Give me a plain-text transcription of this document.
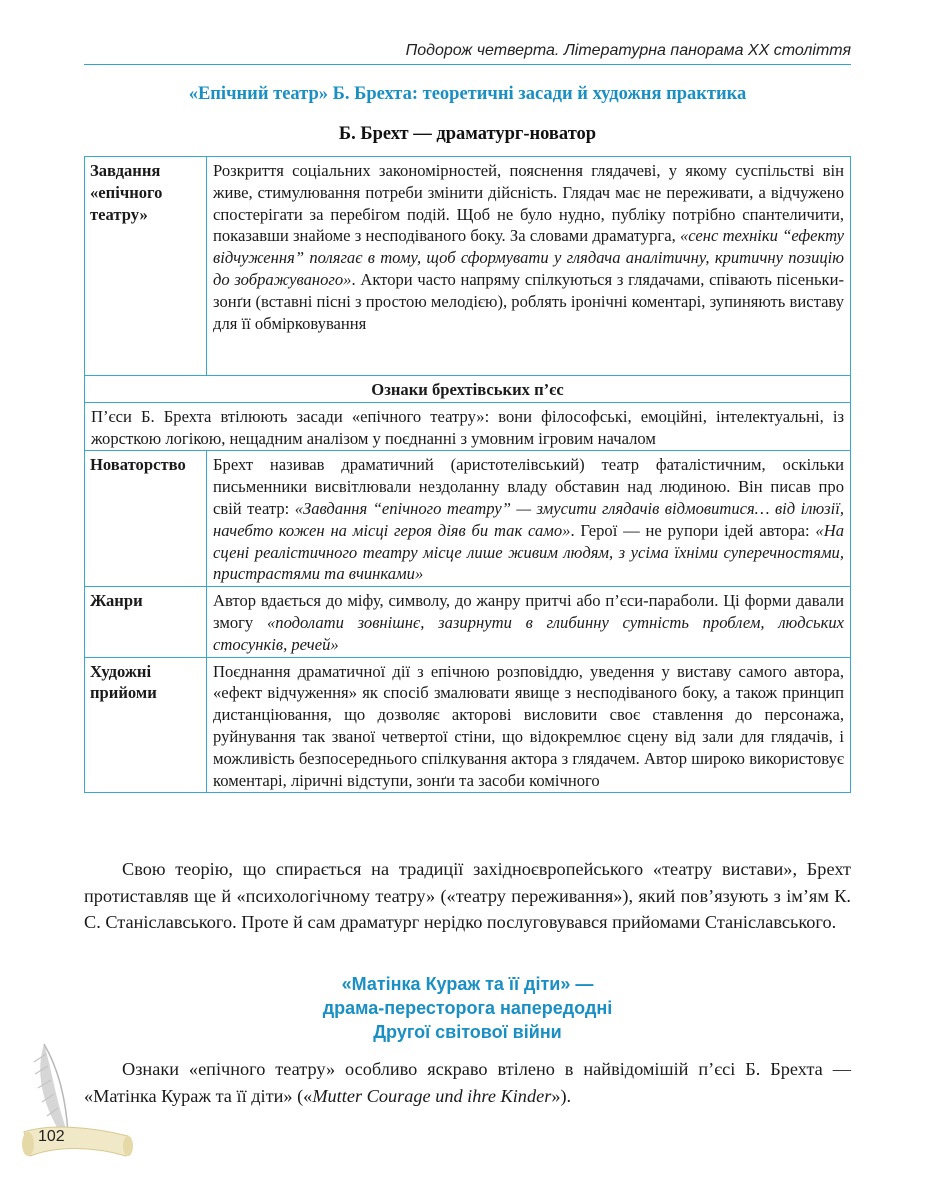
Подорож четверта. Літературна панорама XX століття
«Епічний театр» Б. Брехта: теоретичні засади й художня практика
Б. Брехт — драматург-новатор
Завдання «епічного театру»	Розкриття соціальних закономірностей, пояснення глядачеві, у якому суспільстві він живе, стимулювання потреби змінити дійсність. Глядач має не переживати, а відчужено спостерігати за перебігом подій. Щоб не було нудно, публіку потрібно спантеличити, показавши знайоме з несподіваного боку. За словами драматурга, «сенс техніки “ефекту відчуження” полягає в тому, щоб сформувати у глядача аналітичну, критичну позицію до зображуваного». Актори часто напряму спілкуються з глядачами, співають пісеньки-зонґи (вставні пісні з простою мелодією), роблять іронічні коментарі, зупиняють виставу для її обмірковування
Ознаки брехтівських п’єс	
П’єси Б. Брехта втілюють засади «епічного театру»: вони філософські, емоційні, інтелектуальні, із жорсткою логікою, нещадним аналізом у поєднанні з умовним ігровим началом	
Новаторство	Брехт називав драматичний (аристотелівський) театр фаталістичним, оскільки письменники висвітлювали нездоланну владу обставин над людиною. Він писав про свій театр: «Завдання “епічного театру” — змусити глядачів відмовитися… від ілюзії, начебто кожен на місці героя діяв би так само». Герої — не рупори ідей автора: «На сцені реалістичного театру місце лише живим людям, з усіма їхніми суперечностями, пристрастями та вчинками»
Жанри	Автор вдається до міфу, символу, до жанру притчі або п’єси-параболи. Ці форми давали змогу «подолати зовнішнє, зазирнути в глибинну сутність проблем, людських стосунків, речей»
Художні прийоми	Поєднання драматичної дії з епічною розповіддю, уведення у виставу самого автора, «ефект відчуження» як спосіб змалювати явище з несподіваного боку, а також принцип дистанціювання, що дозволяє акторові висловити своє ставлення до персонажа, руйнування так званої четвертої стіни, що відокремлює сцену від зали для глядачів, і можливість безпосереднього спілкування актора з глядачем. Автор широко використовує коментарі, ліричні відступи, зонґи та засоби комічного
Свою теорію, що спирається на традиції західноєвропейського «театру вистави», Брехт протиставляв ще й «психологічному театру» («театру переживання»), який пов’язують з ім’ям К. С. Станіславського. Проте й сам драматург нерідко послуговувався прийомами Станіславського.
«Матінка Кураж та її діти» —
драма-пересторога напередодні
Другої світової війни
Ознаки «епічного театру» особливо яскраво втілено в найвідомішій п’єсі Б. Брехта — «Матінка Кураж та її діти» («Mutter Courage und ihre Kinder»).
102
